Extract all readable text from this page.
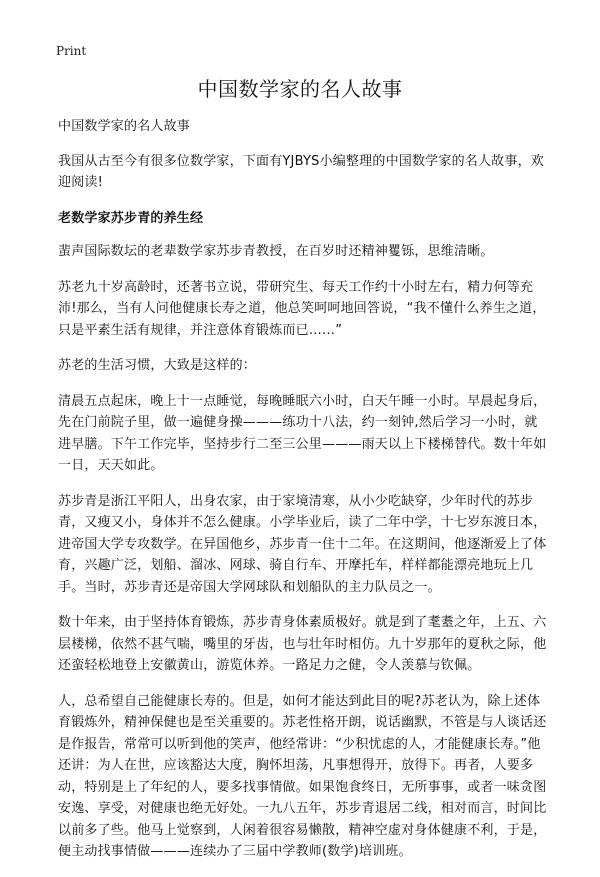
Print
中国数学家的名人故事

中国数学家的名人故事

我国从古至今有很多位数学家，下面有YJBYS小编整理的中国数学家的名人故事，欢迎阅读!

老数学家苏步青的养生经

蜚声国际数坛的老辈数学家苏步青教授，在百岁时还精神矍铄，思维清晰。

苏老九十岁高龄时，还著书立说，带研究生、每天工作约十小时左右，精力何等充沛!那么，当有人问他健康长寿之道，他总笑呵呵地回答说，“我不懂什么养生之道，只是平素生活有规律，并注意体育锻炼而已……”

苏老的生活习惯，大致是这样的：

清晨五点起床，晚上十一点睡觉，每晚睡眠六小时，白天午睡一小时。早晨起身后，先在门前院子里，做一遍健身操———练功十八法，约一刻钟,然后学习一小时，就进早膳。下午工作完毕，坚持步行二至三公里———雨天以上下楼梯替代。数十年如一日，天天如此。

苏步青是浙江平阳人，出身农家，由于家境清寒，从小少吃缺穿，少年时代的苏步青，又瘦又小，身体并不怎么健康。小学毕业后，读了二年中学，十七岁东渡日本，进帝国大学专攻数学。在异国他乡，苏步青一住十二年。在这期间，他逐渐爱上了体育，兴趣广泛，划船、溜冰、网球、骑自行车、开摩托车，样样都能漂亮地玩上几手。当时，苏步青还是帝国大学网球队和划船队的主力队员之一。

数十年来，由于坚持体育锻炼，苏步青身体素质极好。就是到了耄耋之年，上五、六层楼梯，依然不甚气喘，嘴里的牙齿，也与壮年时相仿。九十岁那年的夏秋之际，他还蛮轻松地登上安徽黄山，游览休养。一路足力之健，令人羡慕与钦佩。

人，总希望自己能健康长寿的。但是，如何才能达到此目的呢?苏老认为，除上述体育锻炼外，精神保健也是至关重要的。苏老性格开朗，说话幽默，不管是与人谈话还是作报告，常常可以听到他的笑声，他经常讲：“少积忧虑的人，才能健康长寿。”他还讲：为人在世，应该豁达大度，胸怀坦荡，凡事想得开，放得下。再者，人要多动，特别是上了年纪的人，要多找事情做。如果饱食终日，无所事事，或者一味贪图安逸、享受，对健康也绝无好处。一九八五年，苏步青退居二线，相对而言，时间比以前多了些。他马上觉察到，人闲着很容易懒散，精神空虚对身体健康不利，于是，便主动找事情做———连续办了三届中学教师(数学)培训班。
